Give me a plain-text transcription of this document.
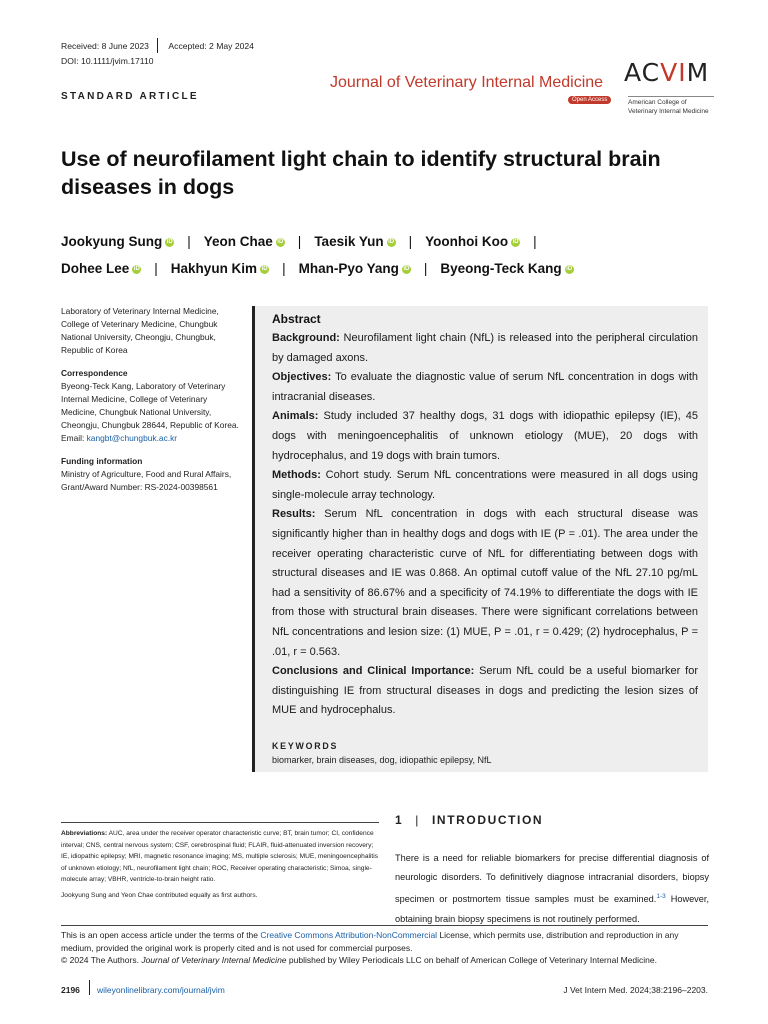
Received: 8 June 2023 Accepted: 2 May 2024
DOI: 10.1111/jvim.17110
STANDARD ARTICLE
Journal of Veterinary Internal Medicine
Open Access
ACVIM
American College of
Veterinary Internal Medicine
Use of neurofilament light chain to identify structural brain diseases in dogs
Jookyung Sung iD | Yeon Chae iD | Taesik Yun iD | Yoonhoi Koo iD |
Dohee Lee iD | Hakhyun Kim iD | Mhan-Pyo Yang iD | Byeong-Teck Kang iD

Laboratory of Veterinary Internal Medicine, College of Veterinary Medicine, Chungbuk National University, Cheongju, Chungbuk, Republic of Korea

Correspondence
Byeong-Teck Kang, Laboratory of Veterinary Internal Medicine, College of Veterinary Medicine, Chungbuk National University, Cheongju, Chungbuk 28644, Republic of Korea.
Email: kangbt@chungbuk.ac.kr

Funding information
Ministry of Agriculture, Food and Rural Affairs, Grant/Award Number: RS-2024-00398561

Abstract

Background: Neurofilament light chain (NfL) is released into the peripheral circulation by damaged axons.

Objectives: To evaluate the diagnostic value of serum NfL concentration in dogs with intracranial diseases.

Animals: Study included 37 healthy dogs, 31 dogs with idiopathic epilepsy (IE), 45 dogs with meningoencephalitis of unknown etiology (MUE), 20 dogs with hydrocephalus, and 19 dogs with brain tumors.

Methods: Cohort study. Serum NfL concentrations were measured in all dogs using single-molecule array technology.

Results: Serum NfL concentration in dogs with each structural disease was significantly higher than in healthy dogs and dogs with IE (P = .01). The area under the receiver operating characteristic curve of NfL for differentiating between dogs with structural diseases and IE was 0.868. An optimal cutoff value of the NfL 27.10 pg/mL had a sensitivity of 86.67% and a specificity of 74.19% to differentiate the dogs with IE from those with structural brain diseases. There were significant correlations between NfL concentrations and lesion size: (1) MUE, P = .01, r = 0.429; (2) hydrocephalus, P = .01, r = 0.563.

Conclusions and Clinical Importance: Serum NfL could be a useful biomarker for distinguishing IE from structural diseases in dogs and predicting the lesion sizes of MUE and hydrocephalus.

KEYWORDS
biomarker, brain diseases, dog, idiopathic epilepsy, NfL

Abbreviations: AUC, area under the receiver operator characteristic curve; BT, brain tumor; CI, confidence interval; CNS, central nervous system; CSF, cerebrospinal fluid; FLAIR, fluid-attenuated inversion recovery; IE, idiopathic epilepsy; MRI, magnetic resonance imaging; MS, multiple sclerosis; MUE, meningoencephalitis of unknown etiology; NfL, neurofilament light chain; ROC, Receiver operating characteristic; Simoa, single-molecule array; VBHR, ventricle-to-brain height ratio.

Jookyung Sung and Yeon Chae contributed equally as first authors.

1 | INTRODUCTION
There is a need for reliable biomarkers for precise differential diagnosis of neurologic disorders. To definitively diagnose intracranial disorders, biopsy specimen or postmortem tissue samples must be examined.$^{1-3}$ However, obtaining brain biopsy specimens is not routinely performed.

This is an open access article under the terms of the Creative Commons Attribution-NonCommercial License, which permits use, distribution and reproduction in any medium, provided the original work is properly cited and is not used for commercial purposes.

© 2024 The Authors. Journal of Veterinary Internal Medicine published by Wiley Periodicals LLC on behalf of American College of Veterinary Internal Medicine.

2196 wileyonlinelibrary.com/journal/jvim	J Vet Intern Med. 2024;38:2196–2203.
